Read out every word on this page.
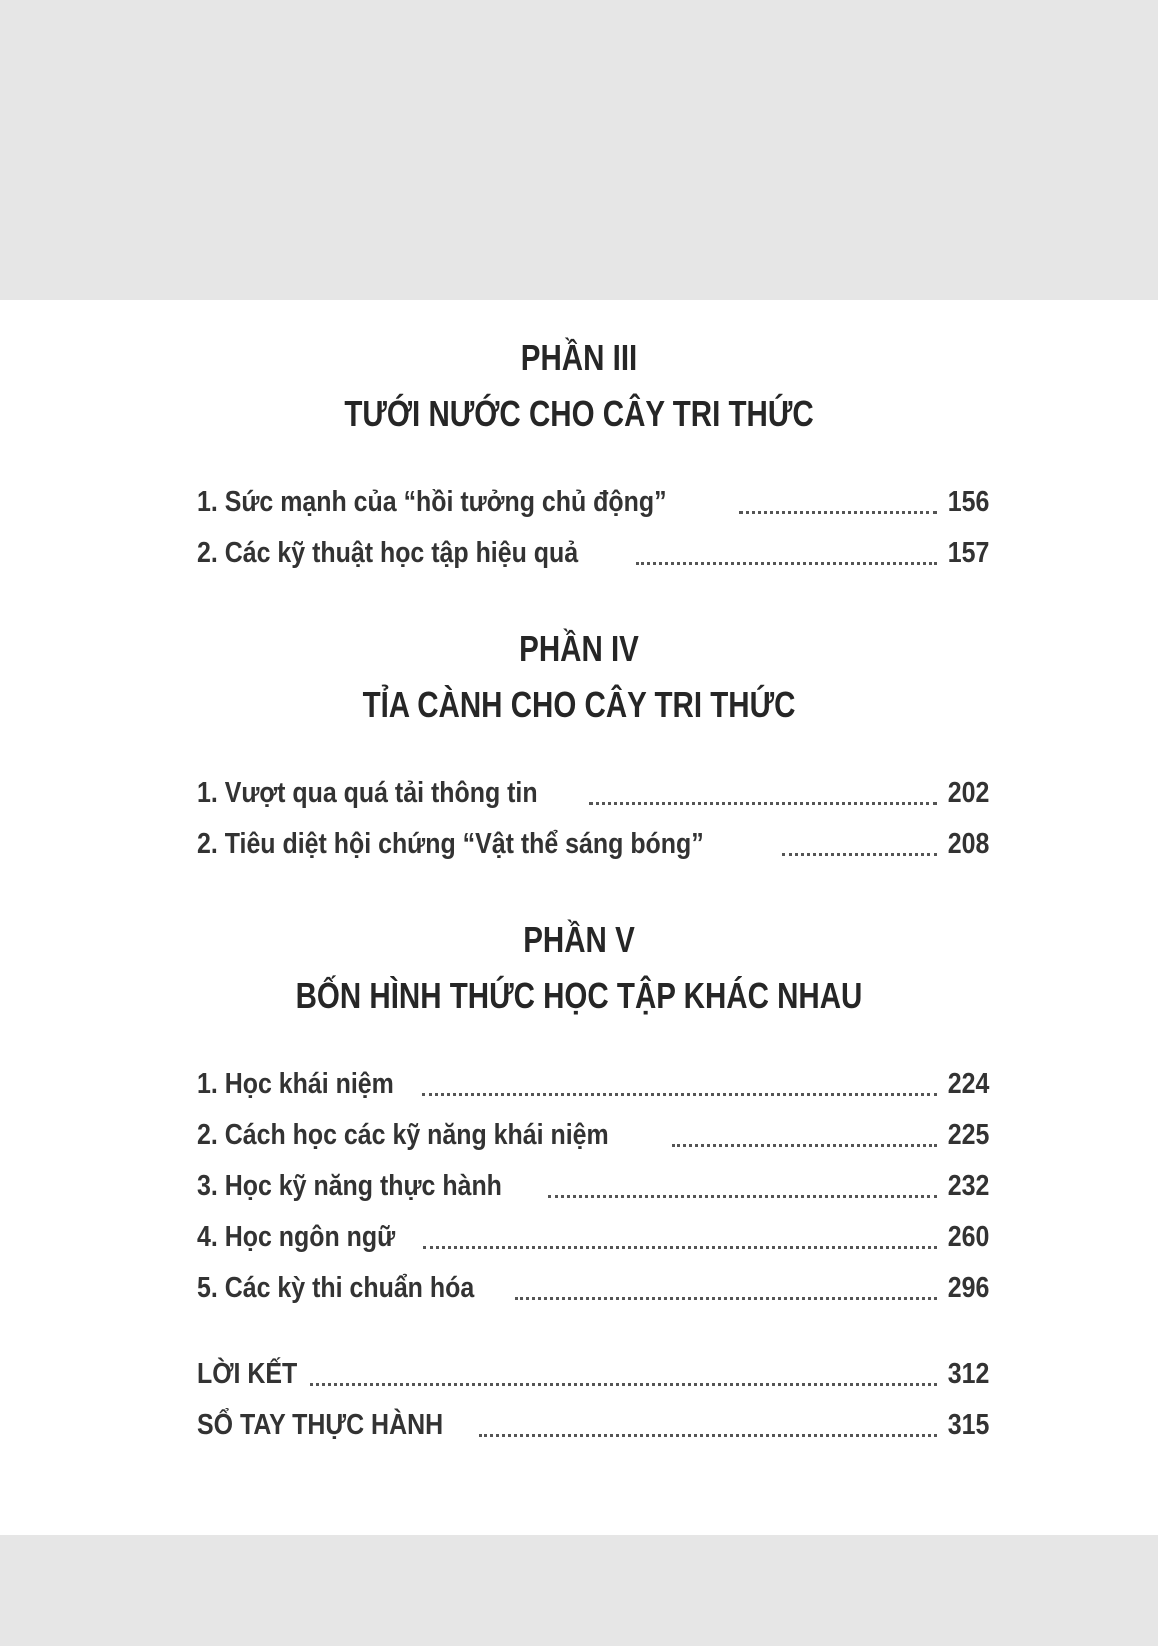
PHẦN III
TƯỚI NƯỚC CHO CÂY TRI THỨC
1. Sức mạnh của “hồi tưởng chủ động”	156
2. Các kỹ thuật học tập hiệu quả	157
PHẦN IV
TỈA CÀNH CHO CÂY TRI THỨC
1. Vượt qua quá tải thông tin	202
2. Tiêu diệt hội chứng “Vật thể sáng bóng”	208
PHẦN V
BỐN HÌNH THỨC HỌC TẬP KHÁC NHAU
1. Học khái niệm	224
2. Cách học các kỹ năng khái niệm	225
3. Học kỹ năng thực hành	232
4. Học ngôn ngữ	260
5. Các kỳ thi chuẩn hóa	296
LỜI KẾT	312
SỔ TAY THỰC HÀNH	315
